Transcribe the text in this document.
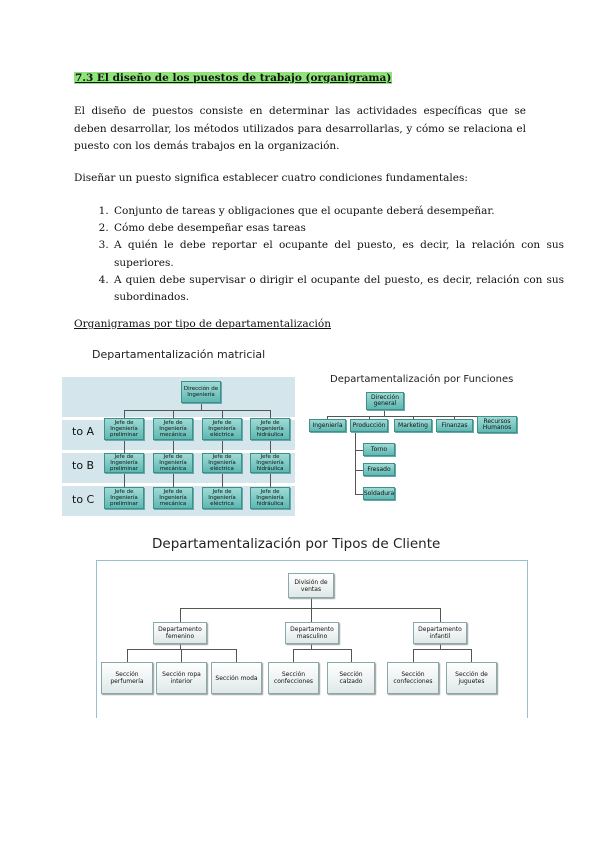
7.3 El diseño de los puestos de trabajo (organigrama)
El diseño de puestos consiste en determinar las actividades específicas que se deben desarrollar, los métodos utilizados para desarrollarlas, y cómo se relaciona el puesto con los demás trabajos en la organización.
Diseñar un puesto significa establecer cuatro condiciones fundamentales:
1. Conjunto de tareas y obligaciones que el ocupante deberá desempeñar.
2. Cómo debe desempeñar esas tareas
3. A quién le debe reportar el ocupante del puesto, es decir, la relación con sus superiores.
4. A quien debe supervisar o dirigir el ocupante del puesto, es decir, relación con sus subordinados.
Organigramas por tipo de departamentalización
Departamentalización matricial
to A
to B
to C
Dirección de Ingeniería
Jefe de Ingeniería preliminar
Jefe de Ingeniería mecánica
Jefe de Ingeniería eléctrica
Jefe de Ingeniería hidráulica
Jefe de Ingeniería preliminar
Jefe de Ingeniería mecánica
Jefe de Ingeniería eléctrica
Jefe de Ingeniería hidráulica
Jefe de Ingeniería preliminar
Jefe de Ingeniería mecánica
Jefe de Ingeniería eléctrica
Jefe de Ingeniería hidráulica
Departamentalización por Funciones
Dirección general
Ingeniería	Producción	Marketing	Finanzas
Recursos Humanos
Torno
Fresado
Soldadura
Departamentalización por Tipos de Cliente
División de ventas
Departamento femenino
Departamento masculino
Departamento infantil
Sección perfumería
Sección ropa interior	Sección moda	Sección confecciones
Sección calzado
Sección confecciones
Sección de juguetes
